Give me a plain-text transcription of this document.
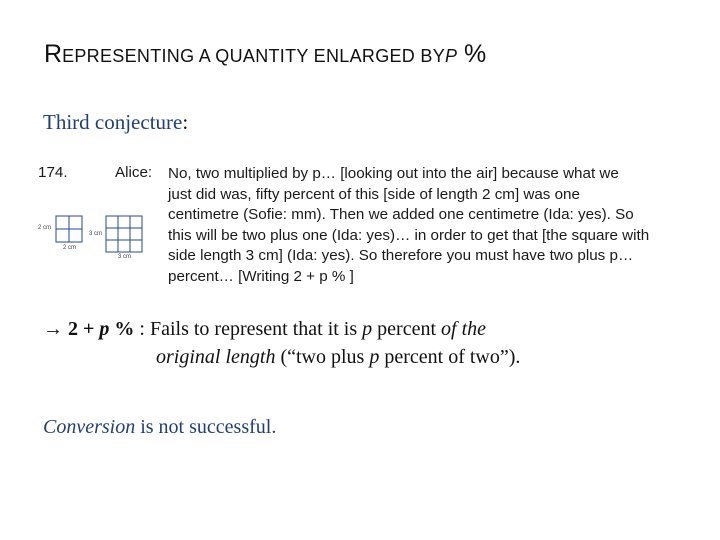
REPRESENTING A QUANTITY ENLARGED BYP %
Third conjecture:
174.	Alice: No, two multiplied by p… [looking out into the air] because what we
just did was, fifty percent of this [side of length 2 cm] was one
centimetre (Sofie: mm). Then we added one centimetre (Ida: yes). So
this will be two plus one (Ida: yes)… in order to get that [the square with
side length 3 cm] (Ida: yes). So therefore you must have two plus p…
percent… [Writing 2 + p % ]
2 cm
2 cm
3 cm
3 cm
→ 2 + p % : Fails to represent that it is p percent of the
original length (“two plus p percent of two”).
Conversion is not successful.
